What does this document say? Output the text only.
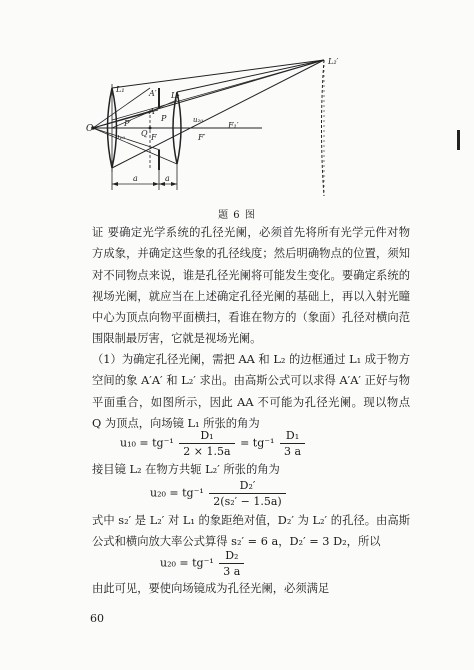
L₂′
L₁
L₂
A′
A
O
P′
P
u₁₀ Q F
u₂₀
F′
F₁′
a	a
题 6 图
证 要确定光学系统的孔径光阑，必须首先将所有光学元件对物方成象，并确定这些象的孔径线度；然后明确物点的位置，须知对不同物点来说，谁是孔径光阑将可能发生变化。要确定系统的视场光阑，就应当在上述确定孔径光阑的基础上，再以入射光瞳中心为顶点向物平面横扫，看谁在物方的（象面）孔径对横向范围限制最厉害，它就是视场光阑。
（1）为确定孔径光阑，需把 AA 和 L₂ 的边框通过 L₁ 成于物方空间的象 A′A′ 和 L₂′ 求出。由高斯公式可以求得 A′A′ 正好与物平面重合，如图所示，因此 AA 不可能为孔径光阑。现以物点 Q 为顶点，向场镜 L₁ 所张的角为
$u_{10} = tg^{-1} \frac{\text{D₁}}{2 \times 1.5a} = tg^{-1} \frac{\text{D₁}}{3 a}$
接目镜 L₂ 在物方共轭 L₂′ 所张的角为
$u_{20} = tg^{-1} \frac{\text{D₂′}}{\text{2(s₂′ − 1.5a)}}$
式中 s₂′ 是 L₂′ 对 L₁ 的象距绝对值，D₂′ 为 L₂′ 的孔径。由高斯公式和横向放大率公式算得 s₂′ = 6 a，D₂′ = 3 D₂，所以
$u_{20} = tg^{-1} \frac{\text{D₂}}{3 a}$
由此可见，要使向场镜成为孔径光阑，必须满足
60
